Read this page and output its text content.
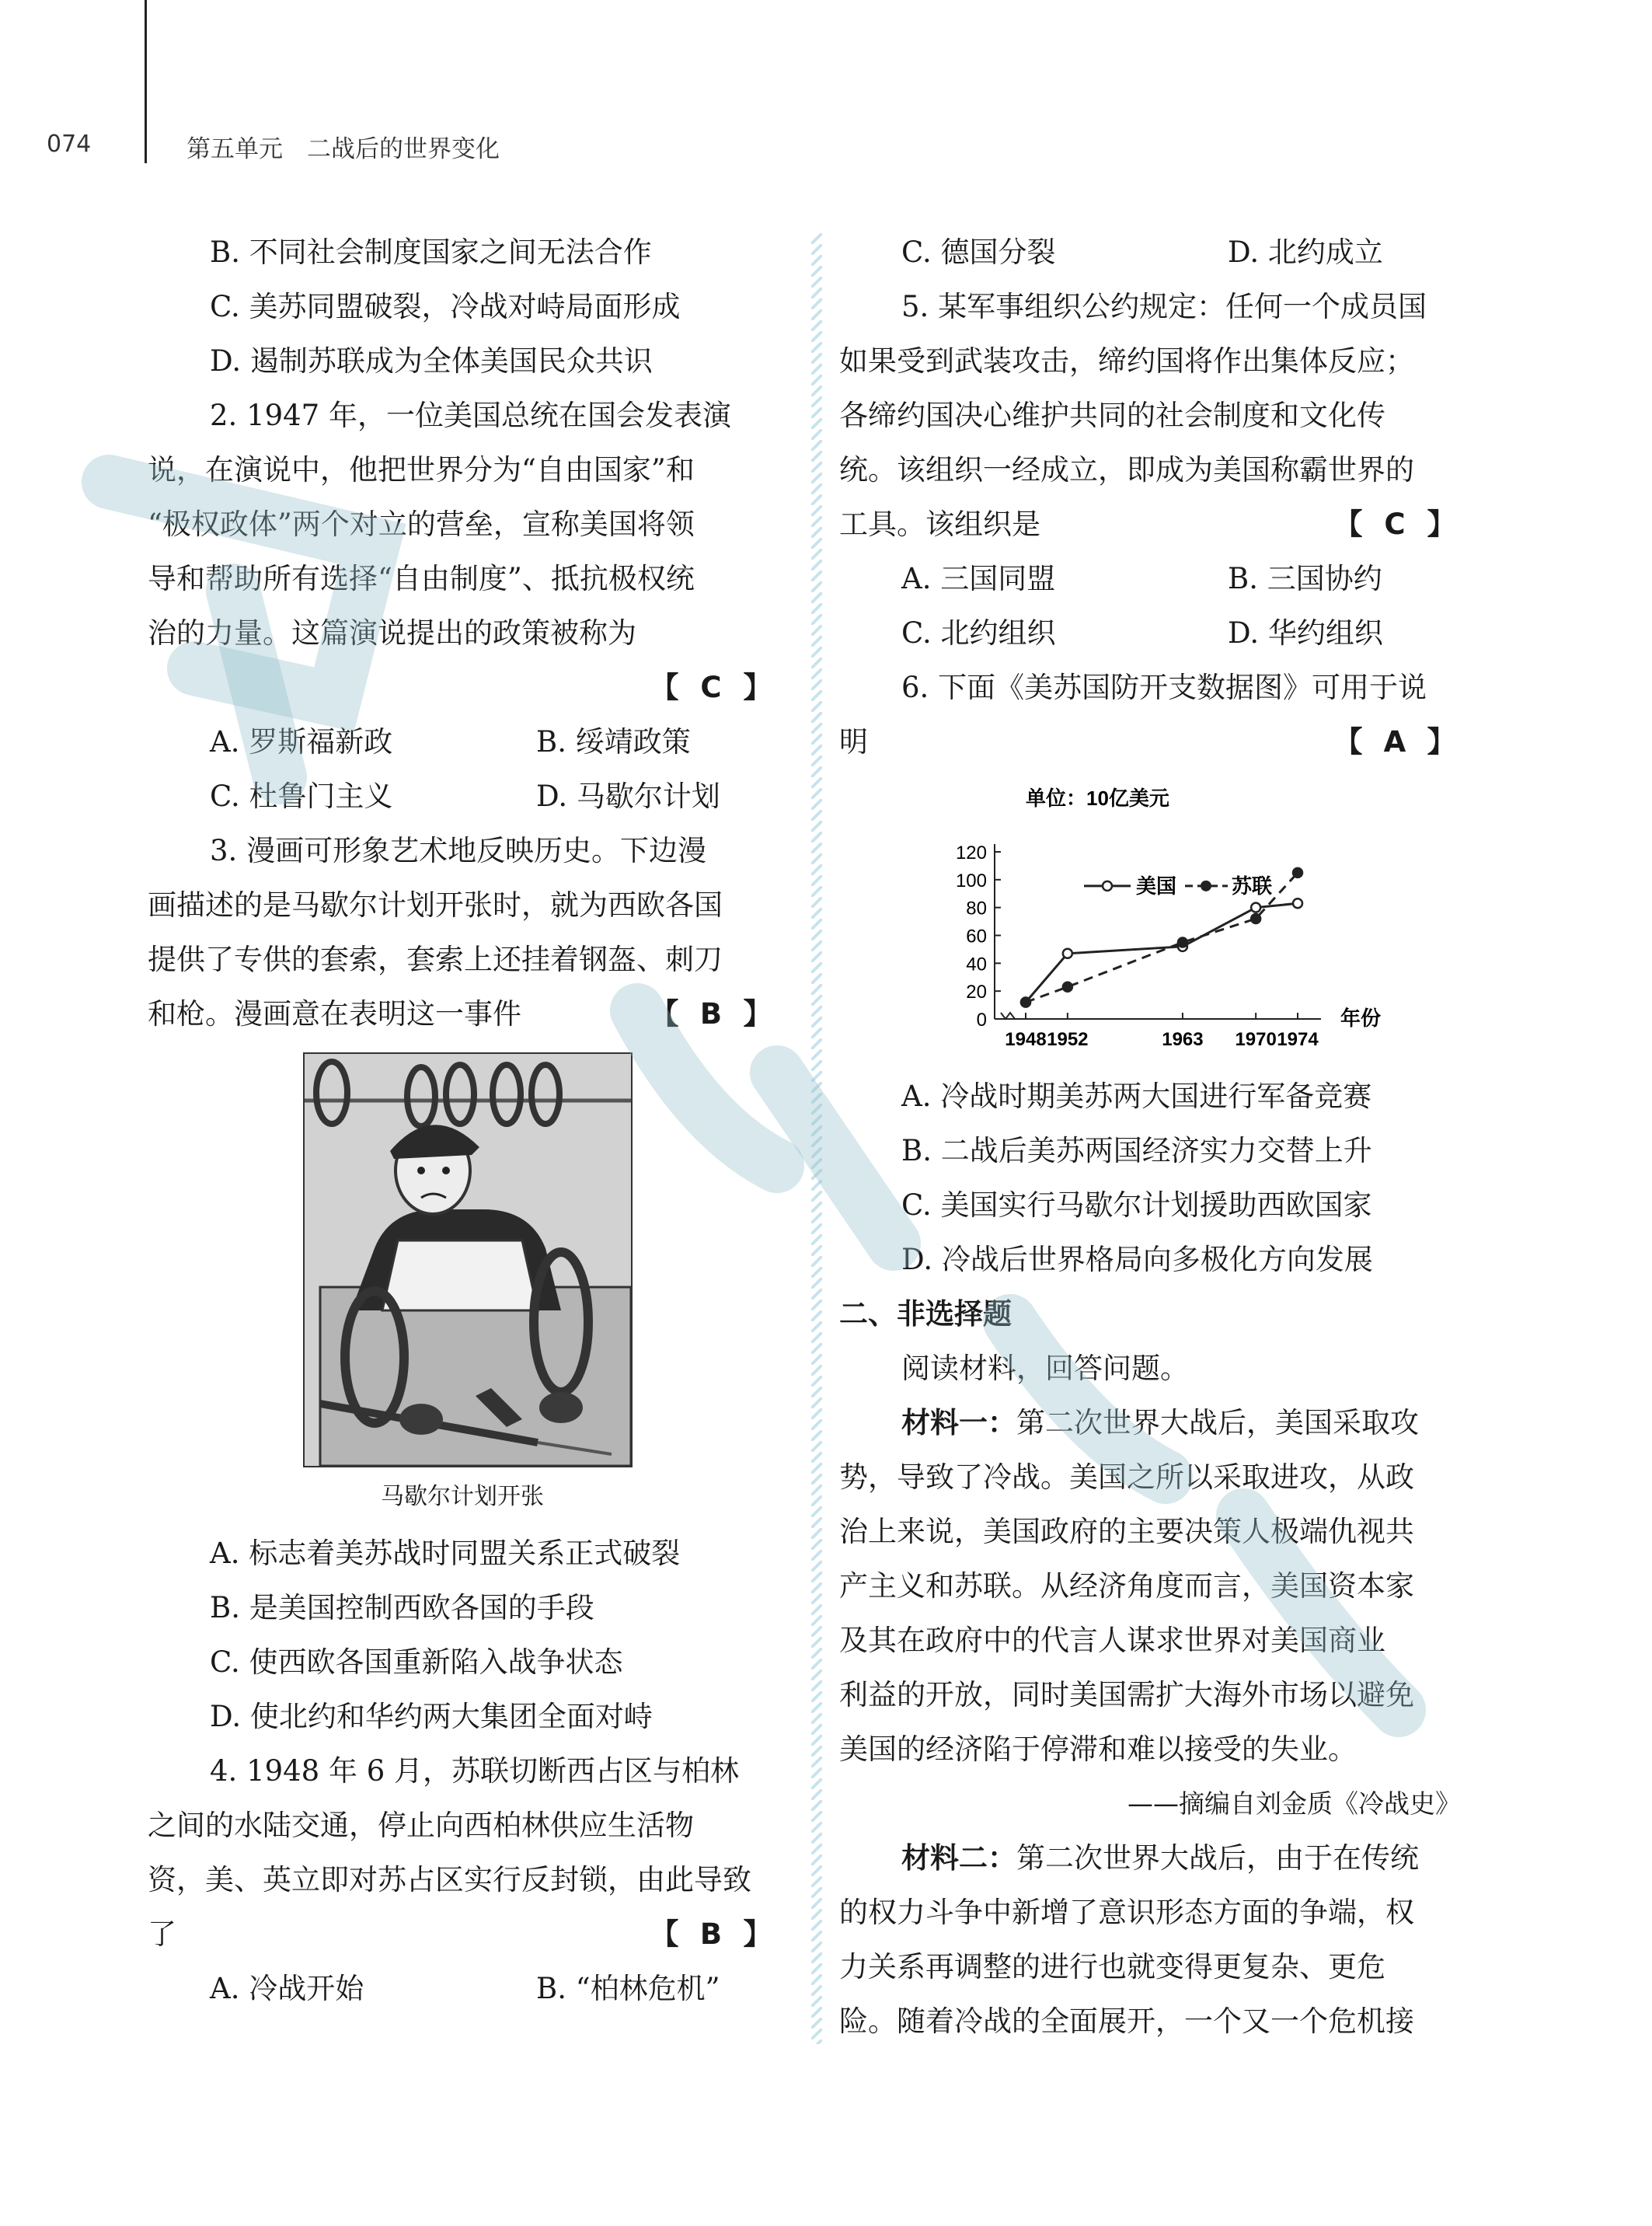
074	第五单元　二战后的世界变化
B. 不同社会制度国家之间无法合作
C. 美苏同盟破裂，冷战对峙局面形成
D. 遏制苏联成为全体美国民众共识
2. 1947 年，一位美国总统在国会发表演
说，在演说中，他把世界分为“自由国家”和
“极权政体”两个对立的营垒，宣称美国将领
导和帮助所有选择“自由制度”、抵抗极权统
治的力量。这篇演说提出的政策被称为
【 C 】
A. 罗斯福新政	B. 绥靖政策
C. 杜鲁门主义	D. 马歇尔计划
3. 漫画可形象艺术地反映历史。下边漫
画描述的是马歇尔计划开张时，就为西欧各国
提供了专供的套索，套索上还挂着钢盔、刺刀
和枪。漫画意在表明这一事件	【 B 】
马歇尔计划开张
A. 标志着美苏战时同盟关系正式破裂
B. 是美国控制西欧各国的手段
C. 使西欧各国重新陷入战争状态
D. 使北约和华约两大集团全面对峙
4. 1948 年 6 月，苏联切断西占区与柏林
之间的水陆交通，停止向西柏林供应生活物
资，美、英立即对苏占区实行反封锁，由此导致
了	【 B 】
A. 冷战开始	B. “柏林危机”
C. 德国分裂	D. 北约成立
5. 某军事组织公约规定：任何一个成员国
如果受到武装攻击，缔约国将作出集体反应；
各缔约国决心维护共同的社会制度和文化传
统。该组织一经成立，即成为美国称霸世界的
工具。该组织是	【 C 】
A. 三国同盟	B. 三国协约
C. 北约组织	D. 华约组织
6. 下面《美苏国防开支数据图》可用于说
明	【 A 】
单位：10亿美元
0
20
40
60
80
100
120
1948 1952	1963 1970 1974
年份
美国	苏联
A. 冷战时期美苏两大国进行军备竞赛
B. 二战后美苏两国经济实力交替上升
C. 美国实行马歇尔计划援助西欧国家
D. 冷战后世界格局向多极化方向发展
二、非选择题
阅读材料，回答问题。
材料一：第二次世界大战后，美国采取攻
势，导致了冷战。美国之所以采取进攻，从政
治上来说，美国政府的主要决策人极端仇视共
产主义和苏联。从经济角度而言，美国资本家
及其在政府中的代言人谋求世界对美国商业
利益的开放，同时美国需扩大海外市场以避免
美国的经济陷于停滞和难以接受的失业。
——摘编自刘金质《冷战史》
材料二：第二次世界大战后，由于在传统
的权力斗争中新增了意识形态方面的争端，权
力关系再调整的进行也就变得更复杂、更危
险。随着冷战的全面展开，一个又一个危机接
